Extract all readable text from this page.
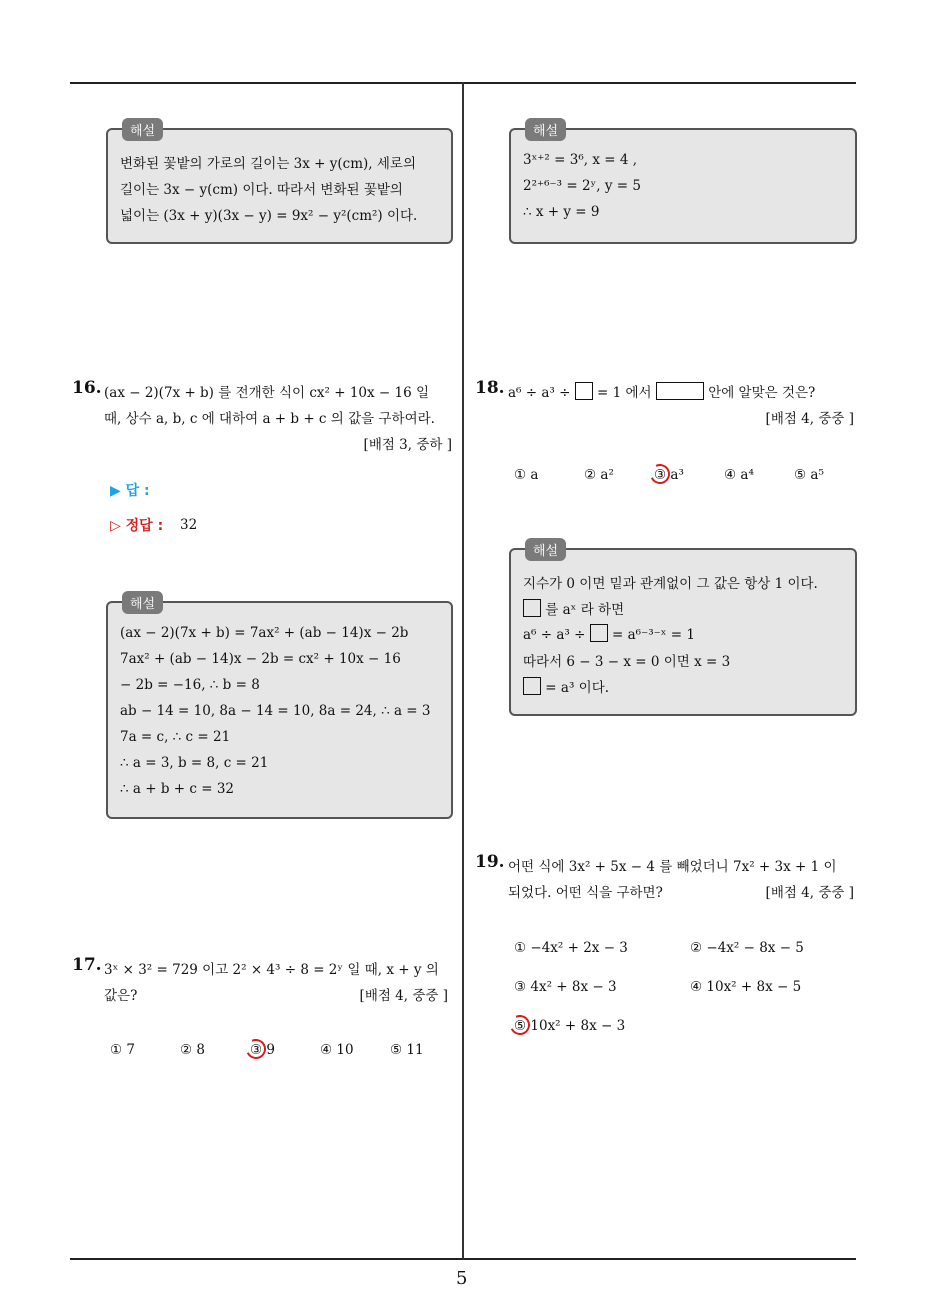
해설
변화된 꽃밭의 가로의 길이는 3x + y(cm), 세로의
길이는 3x − y(cm) 이다. 따라서 변화된 꽃밭의
넓이는 (3x + y)(3x − y) = 9x² − y²(cm²) 이다.
해설
3ˣ⁺² = 3⁶, x = 4 ,
2²⁺⁶⁻³ = 2ʸ, y = 5
∴ x + y = 9
16. (ax − 2)(7x + b) 를 전개한 식이 cx² + 10x − 16 일
때, 상수 a, b, c 에 대하여 a + b + c 의 값을 구하여라.
[배점 3, 중하 ]
▶ 답 :
▷ 정답 : 32
해설
(ax − 2)(7x + b) = 7ax² + (ab − 14)x − 2b
7ax² + (ab − 14)x − 2b = cx² + 10x − 16
− 2b = −16, ∴ b = 8
ab − 14 = 10, 8a − 14 = 10, 8a = 24, ∴ a = 3
7a = c, ∴ c = 21
∴ a = 3, b = 8, c = 21
∴ a + b + c = 32
17. 3ˣ × 3² = 729 이고 2² × 4³ ÷ 8 = 2ʸ 일 때, x + y 의
값은?	[배점 4, 중중 ]
① 7	② 8	③ 9	④ 10	⑤ 11
18. a⁶ ÷ a³ ÷ = 1 에서	안에 알맞은 것은?
[배점 4, 중중 ]
① a	② a²	③ a³	④ a⁴	⑤ a⁵
해설
지수가 0 이면 밑과 관계없이 그 값은 항상 1 이다.
를 aˣ 라 하면
a⁶ ÷ a³ ÷ = a⁶⁻³⁻ˣ = 1
따라서 6 − 3 − x = 0 이면 x = 3
= a³ 이다.
19. 어떤 식에 3x² + 5x − 4 를 빼었더니 7x² + 3x + 1 이
되었다. 어떤 식을 구하면?	[배점 4, 중중 ]
① −4x² + 2x − 3	② −4x² − 8x − 5
③ 4x² + 8x − 3	④ 10x² + 8x − 5
⑤ 10x² + 8x − 3
5
